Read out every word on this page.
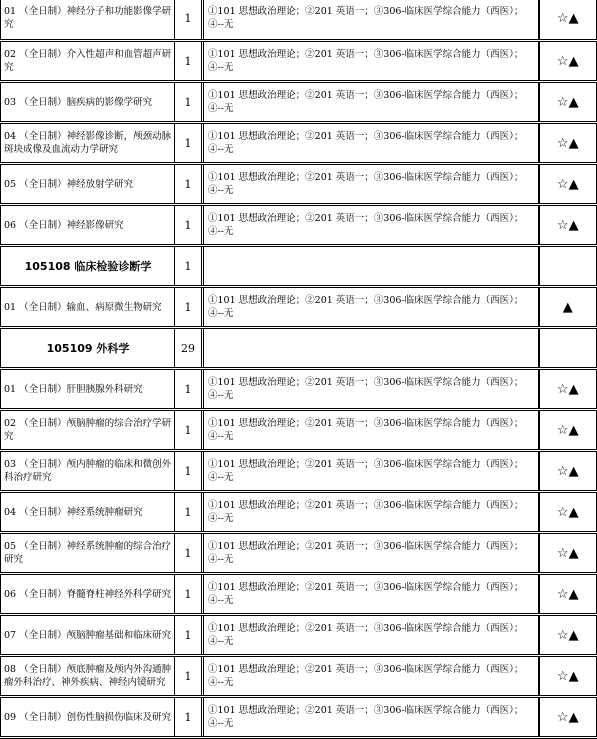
01 （全日制）神经分子和功能影像学研究	1		①101 思想政治理论；②201 英语一；③306-临床医学综合能力（西医）；④--无	☆▲
02 （全日制）介入性超声和血管超声研究	1		①101 思想政治理论；②201 英语一；③306-临床医学综合能力（西医）；④--无	☆▲
03 （全日制）脑疾病的影像学研究	1		①101 思想政治理论；②201 英语一；③306-临床医学综合能力（西医）；④--无	☆▲
04 （全日制）神经影像诊断，颅颈动脉斑块成像及血流动力学研究	1		①101 思想政治理论；②201 英语一；③306-临床医学综合能力（西医）；④--无	☆▲
05 （全日制）神经放射学研究	1		①101 思想政治理论；②201 英语一；③306-临床医学综合能力（西医）；④--无	☆▲
06 （全日制）神经影像研究	1		①101 思想政治理论；②201 英语一；③306-临床医学综合能力（西医）；④--无	☆▲
105108 临床检验诊断学	1			
01 （全日制）输血、病原微生物研究	1		①101 思想政治理论；②201 英语一；③306-临床医学综合能力（西医）；④--无	▲
105109 外科学	29			
01 （全日制）肝胆胰腺外科研究	1		①101 思想政治理论；②201 英语一；③306-临床医学综合能力（西医）；④--无	☆▲
02 （全日制）颅脑肿瘤的综合治疗学研究	1		①101 思想政治理论；②201 英语一；③306-临床医学综合能力（西医）；④--无	☆▲
03 （全日制）颅内肿瘤的临床和微创外科治疗研究	1		①101 思想政治理论；②201 英语一；③306-临床医学综合能力（西医）；④--无	☆▲
04 （全日制）神经系统肿瘤研究	1		①101 思想政治理论；②201 英语一；③306-临床医学综合能力（西医）；④--无	☆▲
05 （全日制）神经系统肿瘤的综合治疗研究	1		①101 思想政治理论；②201 英语一；③306-临床医学综合能力（西医）；④--无	☆▲
06 （全日制）脊髓脊柱神经外科学研究	1		①101 思想政治理论；②201 英语一；③306-临床医学综合能力（西医）；④--无	☆▲
07 （全日制）颅脑肿瘤基础和临床研究	1		①101 思想政治理论；②201 英语一；③306-临床医学综合能力（西医）；④--无	☆▲
08 （全日制）颅底肿瘤及颅内外沟通肿瘤外科治疗、神外疾病、神经内镜研究	1		①101 思想政治理论；②201 英语一；③306-临床医学综合能力（西医）；④--无	☆▲
09 （全日制）创伤性脑损伤临床及研究	1		①101 思想政治理论；②201 英语一；③306-临床医学综合能力（西医）；④--无	☆▲
